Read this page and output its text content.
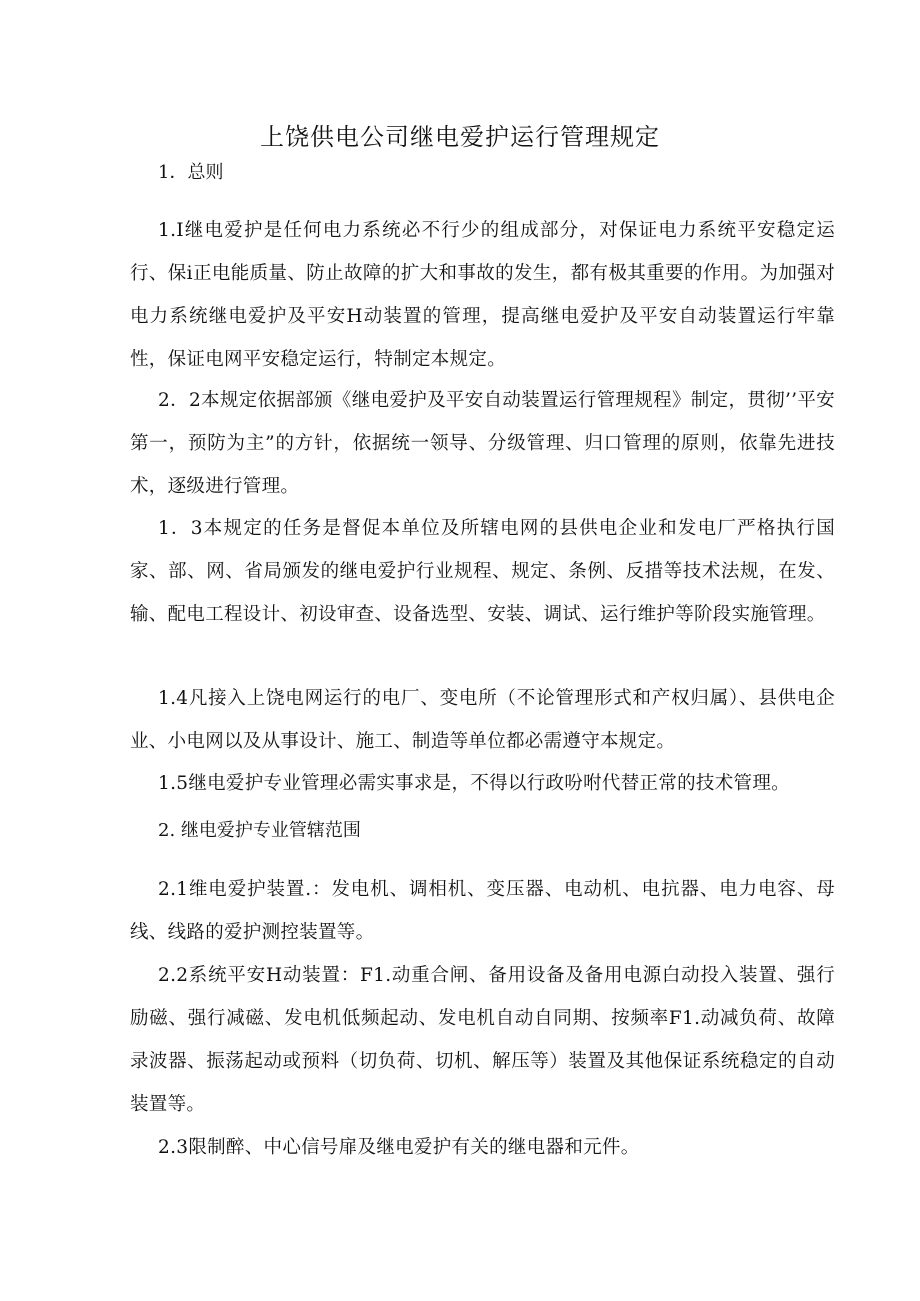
上饶供电公司继电爱护运行管理规定
1．总则

1.I继电爱护是任何电力系统必不行少的组成部分，对保证电力系统平安稳定运行、保i正电能质量、防止故障的扩大和事故的发生，都有极其重要的作用。为加强对电力系统继电爱护及平安H动装置的管理，提高继电爱护及平安自动装置运行牢靠性，保证电网平安稳定运行，特制定本规定。

2．2本规定依据部颁《继电爱护及平安自动装置运行管理规程》制定，贯彻’’平安第一，预防为主”的方针，依据统一领导、分级管理、归口管理的原则，依靠先进技术，逐级进行管理。

1．3本规定的任务是督促本单位及所辖电网的县供电企业和发电厂严格执行国家、部、网、省局颁发的继电爱护行业规程、规定、条例、反措等技术法规，在发、输、配电工程设计、初设审查、设备选型、安装、调试、运行维护等阶段实施管理。

1.4凡接入上饶电网运行的电厂、变电所（不论管理形式和产权归属）、县供电企业、小电网以及从事设计、施工、制造等单位都必需遵守本规定。

1.5继电爱护专业管理必需实事求是，不得以行政吩咐代替正常的技术管理。

2. 继电爱护专业管辖范围

2.1维电爱护装置.：发电机、调相机、变压器、电动机、电抗器、电力电容、母线、线路的爱护测控装置等。

2.2系统平安H动装置：F1.动重合闸、备用设备及备用电源白动投入装置、强行励磁、强行减磁、发电机低频起动、发电机自动自同期、按频率F1.动减负荷、故障录波器、振荡起动或预料（切负荷、切机、解压等）装置及其他保证系统稳定的自动装置等。

2.3限制醉、中心信号扉及继电爱护有关的继电器和元件。
